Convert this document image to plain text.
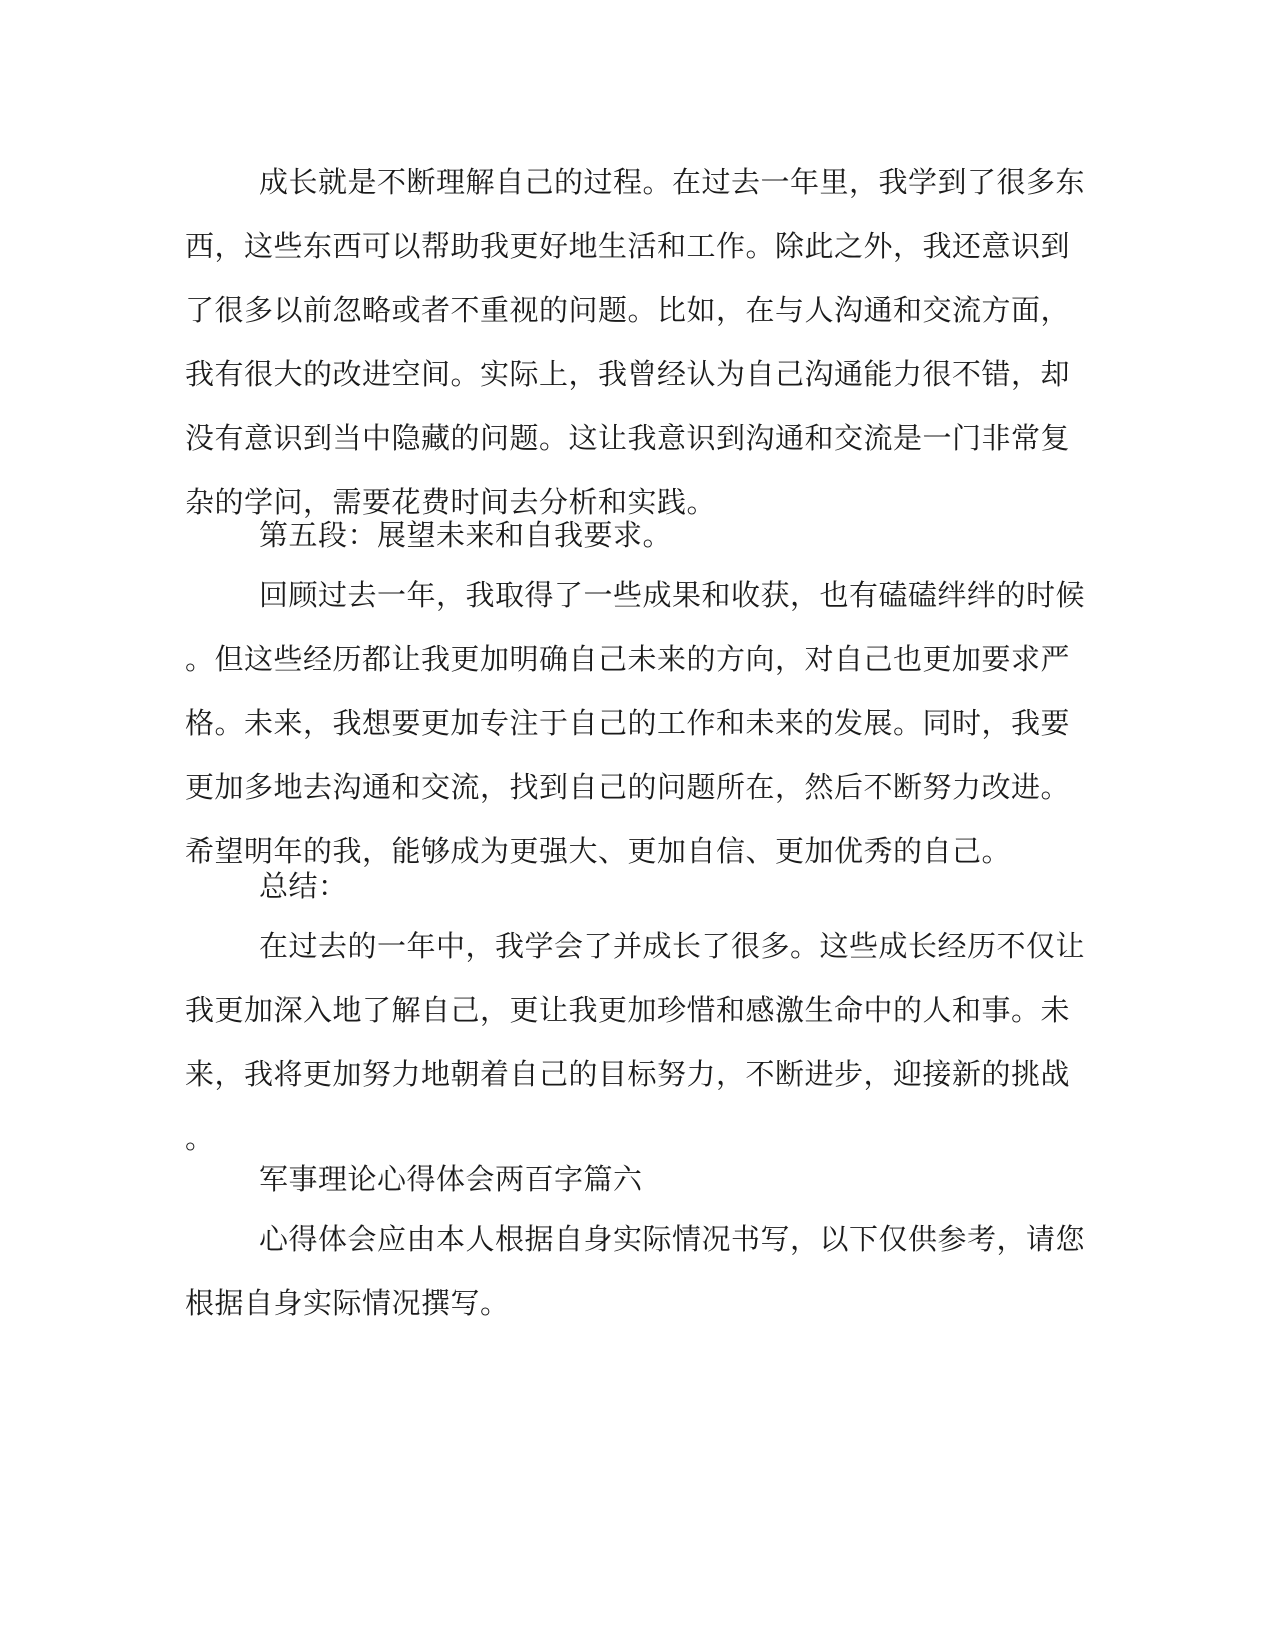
成长就是不断理解自己的过程。在过去一年里，我学到了很多东
西，这些东西可以帮助我更好地生活和工作。除此之外，我还意识到
了很多以前忽略或者不重视的问题。比如，在与人沟通和交流方面，
我有很大的改进空间。实际上，我曾经认为自己沟通能力很不错，却
没有意识到当中隐藏的问题。这让我意识到沟通和交流是一门非常复
杂的学问，需要花费时间去分析和实践。
第五段：展望未来和自我要求。
回顾过去一年，我取得了一些成果和收获，也有磕磕绊绊的时候
。但这些经历都让我更加明确自己未来的方向，对自己也更加要求严
格。未来，我想要更加专注于自己的工作和未来的发展。同时，我要
更加多地去沟通和交流，找到自己的问题所在，然后不断努力改进。
希望明年的我，能够成为更强大、更加自信、更加优秀的自己。
总结：
在过去的一年中，我学会了并成长了很多。这些成长经历不仅让
我更加深入地了解自己，更让我更加珍惜和感激生命中的人和事。未
来，我将更加努力地朝着自己的目标努力，不断进步，迎接新的挑战
。
军事理论心得体会两百字篇六
心得体会应由本人根据自身实际情况书写，以下仅供参考，请您
根据自身实际情况撰写。
